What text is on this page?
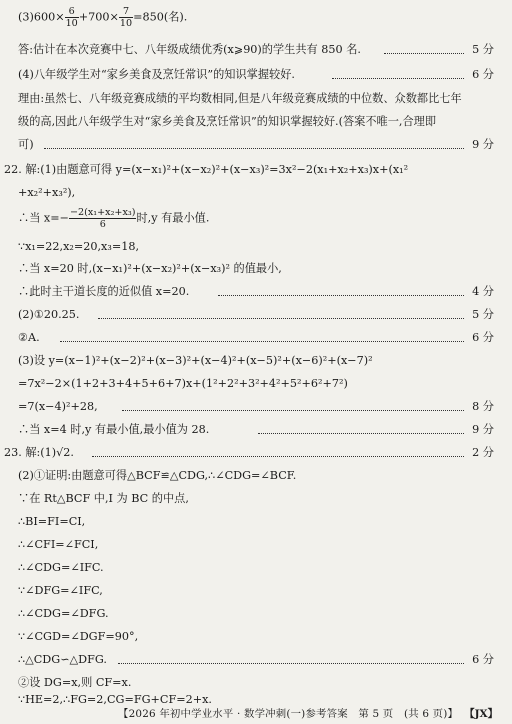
$(3)600\times \frac{6}{10} +700\times \frac{7}{10} =850$(名).
答:估计在本次竞赛中七、八年级成绩优秀(x⩾90)的学生共有 850 名.	5 分
(4)八年级学生对“家乡美食及烹饪常识”的知识掌握较好.	6 分
理由:虽然七、八年级竞赛成绩的平均数相同,但是八年级竞赛成绩的中位数、众数都比七年
级的高,因此八年级学生对“家乡美食及烹饪常识”的知识掌握较好.(答案不唯一,合理即
可)	9 分
22. 解:(1)由题意可得 y=(x−x₁)²+(x−x₂)²+(x−x₃)²=3x²−2(x₁+x₂+x₃)x+(x₁²
+x₂²+x₃²),
∴当 $x=- \frac{\text{−2(x₁+x₂+x₃)}}{6}$ 时,y 有最小值.
∵x₁=22,x₂=20,x₃=18,
∴当 x=20 时,(x−x₁)²+(x−x₂)²+(x−x₃)² 的值最小,
∴此时主干道长度的近似值 x=20.	4 分
(2)①20.25.	5 分
②A.	6 分
(3)设 y=(x−1)²+(x−2)²+(x−3)²+(x−4)²+(x−5)²+(x−6)²+(x−7)²
=7x²−2×(1+2+3+4+5+6+7)x+(1²+2²+3²+4²+5²+6²+7²)
=7(x−4)²+28,	8 分
∴当 x=4 时,y 有最小值,最小值为 28.	9 分
23. 解:(1)√2.	2 分
(2)①证明:由题意可得△BCF≌△CDG,∴∠CDG=∠BCF.
∵在 Rt△BCF 中,I 为 BC 的中点,
∴BI=FI=CI,
∴∠CFI=∠FCI,
∴∠CDG=∠IFC.
∵∠DFG=∠IFC,
∴∠CDG=∠DFG.
∵∠CGD=∠DGF=90°,
∴△CDG∽△DFG.	6 分
②设 DG=x,则 CF=x.
∵HE=2,∴FG=2,CG=FG+CF=2+x.
【2026 年初中学业水平 · 数学冲刺(一)参考答案　第 5 页　(共 6 页)】 【JX】
